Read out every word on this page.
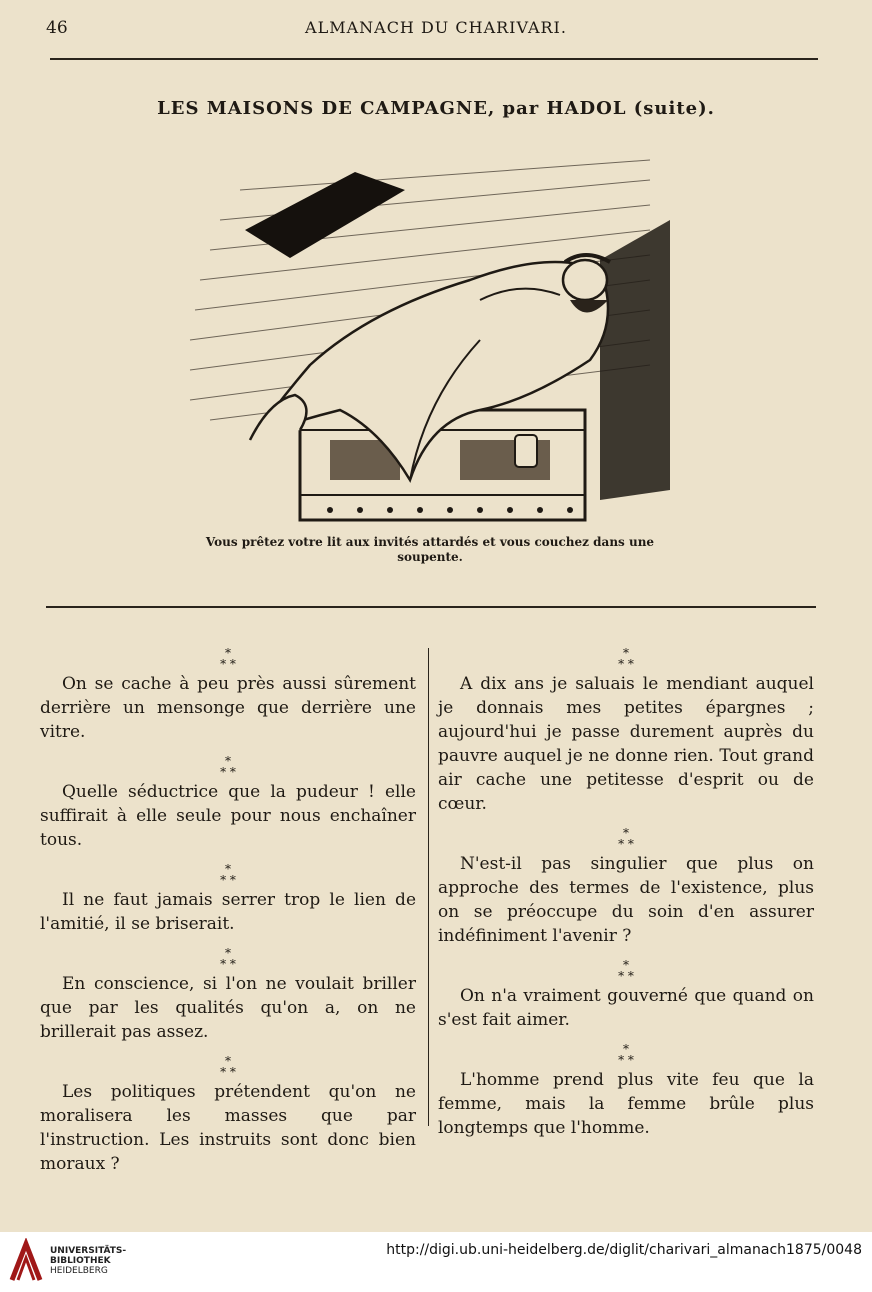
46	ALMANACH DU CHARIVARI.
LES MAISONS DE CAMPAGNE, par HADOL (suite).
Vous prêtez votre lit aux invités attardés et vous couchez dans une soupente.
*
* *

On se cache à peu près aussi sûrement derrière un mensonge que derrière une vitre.

*
* *

Quelle séductrice que la pudeur ! elle suffirait à elle seule pour nous enchaîner tous.

*
* *

Il ne faut jamais serrer trop le lien de l'amitié, il se briserait.

*
* *

En conscience, si l'on ne voulait briller que par les qualités qu'on a, on ne brillerait pas assez.

*
* *

Les politiques prétendent qu'on ne moralisera les masses que par l'instruction. Les instruits sont donc bien moraux ?

*
* *

A dix ans je saluais le mendiant auquel je donnais mes petites épargnes ; aujourd'hui je passe durement auprès du pauvre auquel je ne donne rien. Tout grand air cache une petitesse d'esprit ou de cœur.

*
* *

N'est-il pas singulier que plus on approche des termes de l'existence, plus on se préoccupe du soin d'en assurer indéfiniment l'avenir ?

*
* *

On n'a vraiment gouverné que quand on s'est fait aimer.

*
* *

L'homme prend plus vite feu que la femme, mais la femme brûle plus longtemps que l'homme.

UNIVERSITÄTS-
BIBLIOTHEK
HEIDELBERG
http://digi.ub.uni-heidelberg.de/diglit/charivari_almanach1875/0048
